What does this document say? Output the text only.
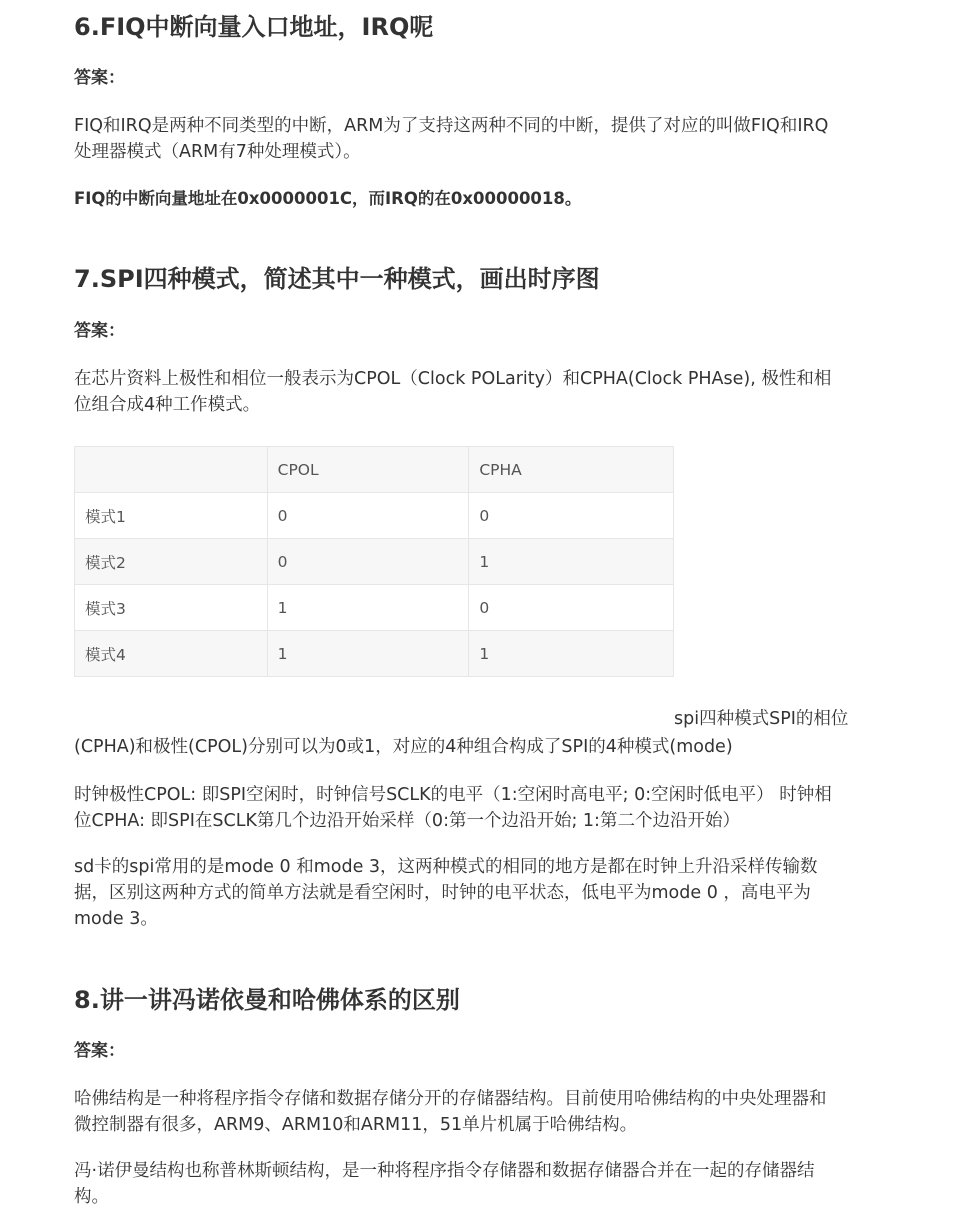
6.FIQ中断向量入口地址，IRQ呢
答案：

FIQ和IRQ是两种不同类型的中断，ARM为了支持这两种不同的中断，提供了对应的叫做FIQ和IRQ

处理器模式（ARM有7种处理模式）。

FIQ的中断向量地址在0x0000001C，而IRQ的在0x00000018。

7.SPI四种模式，简述其中一种模式，画出时序图
答案：

在芯片资料上极性和相位一般表示为CPOL（Clock POLarity）和CPHA(Clock PHAse), 极性和相

位组合成4种工作模式。

	CPOL	CPHA
模式1	0	0
模式2	0	1
模式3	1	0
模式4	1	1
spi四种模式SPI的相位

(CPHA)和极性(CPOL)分别可以为0或1，对应的4种组合构成了SPI的4种模式(mode)

时钟极性CPOL: 即SPI空闲时，时钟信号SCLK的电平（1:空闲时高电平; 0:空闲时低电平） 时钟相

位CPHA: 即SPI在SCLK第几个边沿开始采样（0:第一个边沿开始; 1:第二个边沿开始）

sd卡的spi常用的是mode 0 和mode 3，这两种模式的相同的地方是都在时钟上升沿采样传输数

据，区别这两种方式的简单方法就是看空闲时，时钟的电平状态，低电平为mode 0 ，高电平为

mode 3。

8.讲一讲冯诺依曼和哈佛体系的区别
答案：

哈佛结构是一种将程序指令存储和数据存储分开的存储器结构。目前使用哈佛结构的中央处理器和

微控制器有很多，ARM9、ARM10和ARM11，51单片机属于哈佛结构。

冯·诺伊曼结构也称普林斯顿结构，是一种将程序指令存储器和数据存储器合并在一起的存储器结

构。
